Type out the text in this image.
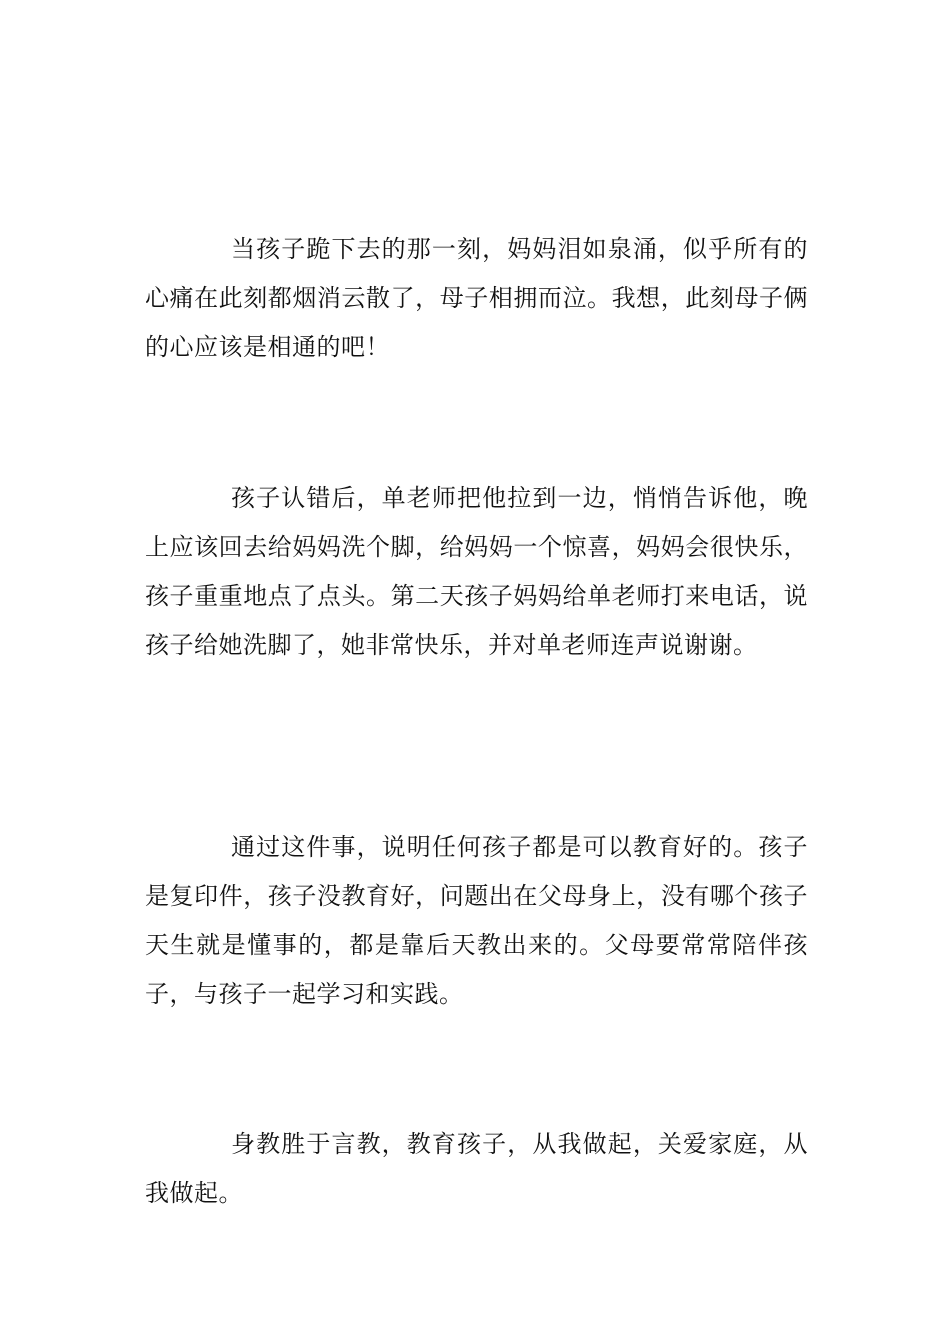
当孩子跪下去的那一刻，妈妈泪如泉涌，似乎所有的心痛在此刻都烟消云散了，母子相拥而泣。我想，此刻母子俩的心应该是相通的吧！

孩子认错后，单老师把他拉到一边，悄悄告诉他，晚上应该回去给妈妈洗个脚，给妈妈一个惊喜，妈妈会很快乐，孩子重重地点了点头。第二天孩子妈妈给单老师打来电话，说孩子给她洗脚了，她非常快乐，并对单老师连声说谢谢。

通过这件事，说明任何孩子都是可以教育好的。孩子是复印件，孩子没教育好，问题出在父母身上，没有哪个孩子天生就是懂事的，都是靠后天教出来的。父母要常常陪伴孩子，与孩子一起学习和实践。

身教胜于言教，教育孩子，从我做起，关爱家庭，从我做起。
